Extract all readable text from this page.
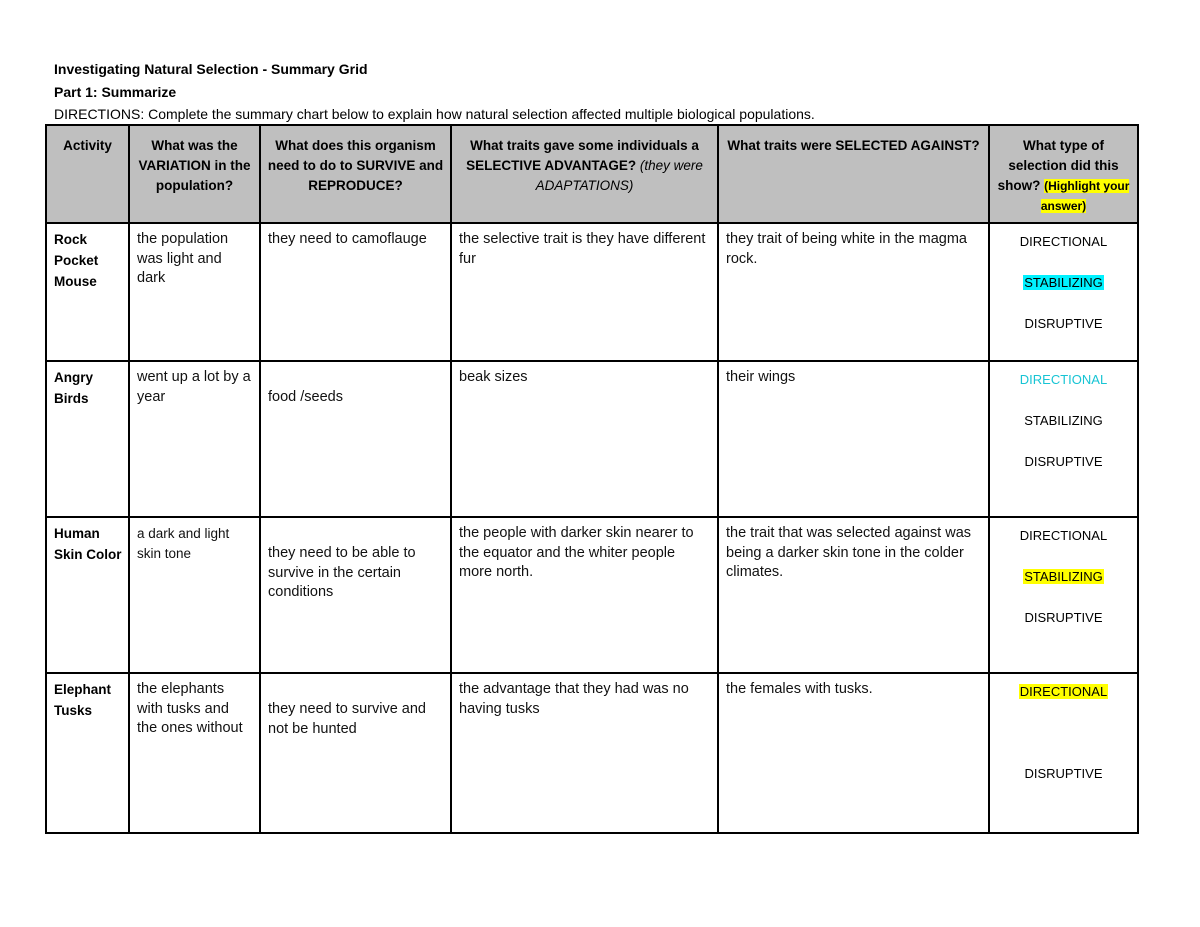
Investigating Natural Selection - Summary Grid
Part 1: Summarize
DIRECTIONS: Complete the summary chart below to explain how natural selection affected multiple biological populations.
Activity	What was the VARIATION in the population?	What does this organism need to do to SURVIVE and REPRODUCE?	What traits gave some individuals a SELECTIVE ADVANTAGE? (they were ADAPTATIONS)	What traits were SELECTED AGAINST?	What type of selection did this show? (Highlight your answer)
Rock Pocket Mouse	the population was light and dark	they need to camoflauge	the selective trait is they have different fur	they trait of being white in the magma rock.	DIRECTIONAL
STABILIZING
DISRUPTIVE

Angry Birds	went up a lot by a year	food /seeds	beak sizes	their wings	DIRECTIONAL
STABILIZING
DISRUPTIVE

Human Skin Color	a dark and light skin tone	they need to be able to survive in the certain conditions	the people with darker skin nearer to the equator and the whiter people more north.	the trait that was selected against was being a darker skin tone in the colder climates.	DIRECTIONAL
STABILIZING
DISRUPTIVE

Elephant Tusks	the elephants with tusks and the ones without	they need to survive and not be hunted	the advantage that they had was no having tusks	the females with tusks.	DIRECTIONAL
DISRUPTIVE
